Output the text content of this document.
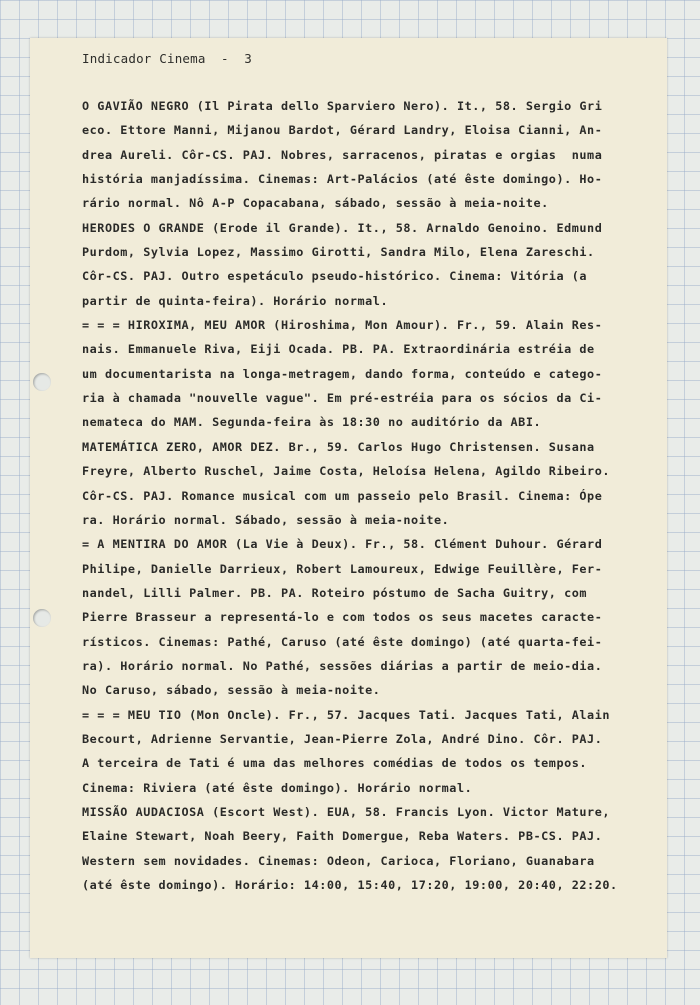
Indicador Cinema  -  3
O GAVIÃO NEGRO (Il Pirata dello Sparviero Nero). It., 58. Sergio Gri
eco. Ettore Manni, Mijanou Bardot, Gérard Landry, Eloisa Cianni, An-
drea Aureli. Côr-CS. PAJ. Nobres, sarracenos, piratas e orgias  numa
história manjadíssima. Cinemas: Art-Palácios (até êste domingo). Ho-
rário normal. Nô A-P Copacabana, sábado, sessão à meia-noite.
HERODES O GRANDE (Erode il Grande). It., 58. Arnaldo Genoino. Edmund
Purdom, Sylvia Lopez, Massimo Girotti, Sandra Milo, Elena Zareschi.
Côr-CS. PAJ. Outro espetáculo pseudo-histórico. Cinema: Vitória (a
partir de quinta-feira). Horário normal.
= = = HIROXIMA, MEU AMOR (Hiroshima, Mon Amour). Fr., 59. Alain Res-
nais. Emmanuele Riva, Eiji Ocada. PB. PA. Extraordinária estréia de
um documentarista na longa-metragem, dando forma, conteúdo e catego-
ria à chamada "nouvelle vague". Em pré-estréia para os sócios da Ci-
nemateca do MAM. Segunda-feira às 18:30 no auditório da ABI.
MATEMÁTICA ZERO, AMOR DEZ. Br., 59. Carlos Hugo Christensen. Susana
Freyre, Alberto Ruschel, Jaime Costa, Heloísa Helena, Agildo Ribeiro.
Côr-CS. PAJ. Romance musical com um passeio pelo Brasil. Cinema: Ópe
ra. Horário normal. Sábado, sessão à meia-noite.
= A MENTIRA DO AMOR (La Vie à Deux). Fr., 58. Clément Duhour. Gérard
Philipe, Danielle Darrieux, Robert Lamoureux, Edwige Feuillère, Fer-
nandel, Lilli Palmer. PB. PA. Roteiro póstumo de Sacha Guitry, com
Pierre Brasseur a representá-lo e com todos os seus macetes caracte-
rísticos. Cinemas: Pathé, Caruso (até êste domingo) (até quarta-fei-
ra). Horário normal. No Pathé, sessões diárias a partir de meio-dia.
No Caruso, sábado, sessão à meia-noite.
= = = MEU TIO (Mon Oncle). Fr., 57. Jacques Tati. Jacques Tati, Alain
Becourt, Adrienne Servantie, Jean-Pierre Zola, André Dino. Côr. PAJ.
A terceira de Tati é uma das melhores comédias de todos os tempos.
Cinema: Riviera (até êste domingo). Horário normal.
MISSÃO AUDACIOSA (Escort West). EUA, 58. Francis Lyon. Victor Mature,
Elaine Stewart, Noah Beery, Faith Domergue, Reba Waters. PB-CS. PAJ.
Western sem novidades. Cinemas: Odeon, Carioca, Floriano, Guanabara
(até êste domingo). Horário: 14:00, 15:40, 17:20, 19:00, 20:40, 22:20.
